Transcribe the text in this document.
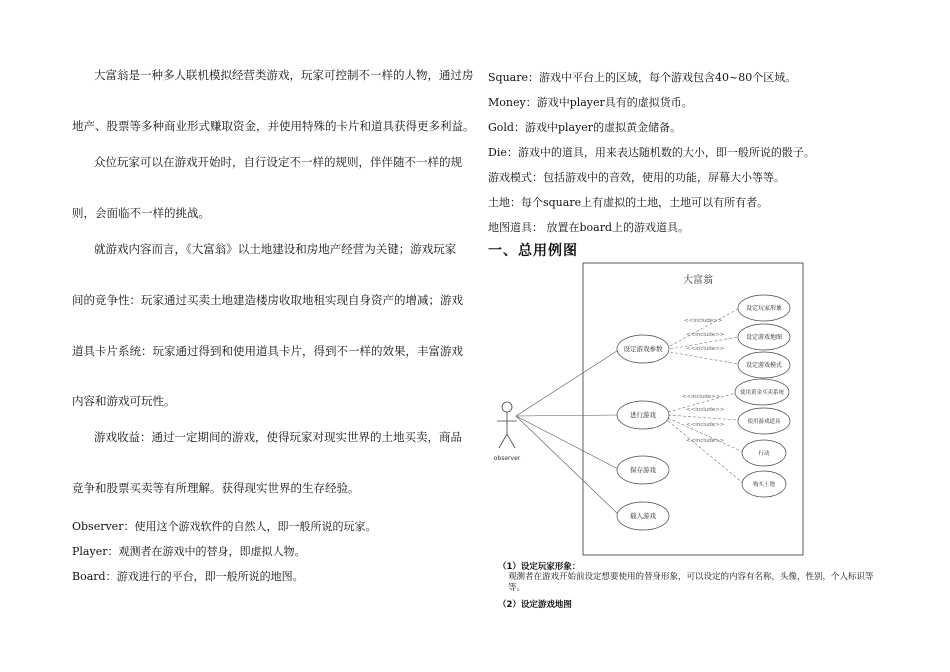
大富翁是一种多人联机模拟经营类游戏，玩家可控制不一样的人物，通过房
地产、股票等多种商业形式赚取资金，并使用特殊的卡片和道具获得更多利益。
众位玩家可以在游戏开始时，自行设定不一样的规则，伴伴随不一样的规
则，会面临不一样的挑战。
就游戏内容而言，《大富翁》以土地建设和房地产经营为关键；游戏玩家
间的竞争性：玩家通过买卖土地建造楼房收取地租实现自身资产的增减；游戏
道具卡片系统：玩家通过得到和使用道具卡片，得到不一样的效果，丰富游戏
内容和游戏可玩性。
游戏收益：通过一定期间的游戏，使得玩家对现实世界的土地买卖，商品
竞争和股票买卖等有所理解。获得现实世界的生存经验。
Observer：使用这个游戏软件的自然人，即一般所说的玩家。
Player：观测者在游戏中的替身，即虚拟人物。
Board：游戏进行的平台，即一般所说的地图。
Square：游戏中平台上的区域，每个游戏包含40~80个区域。
Money：游戏中player具有的虚拟货币。
Gold：游戏中player的虚拟黄金储备。
Die：游戏中的道具，用来表达随机数的大小，即一般所说的骰子。
游戏模式：包括游戏中的音效，使用的功能，屏幕大小等等。
土地：每个square上有虚拟的土地，土地可以有所有者。
地图道具： 放置在board上的游戏道具。
一、总用例图
大富翁
observer
<<include>>
<<include>>
<<include>>
<<include>>
<<include>>
<<include>>
<<include>>
设定游戏参数
进行游戏
保存游戏
载入游戏
设定玩家形象
设定游戏地图
设定游戏模式
使用黄金买卖系统
使用游戏道具
行动
购买土地
（1）设定玩家形象：
观测者在游戏开始前设定想要使用的替身形象，可以设定的内容有名称，头像，性别，个人标识等等。
（2）设定游戏地图
